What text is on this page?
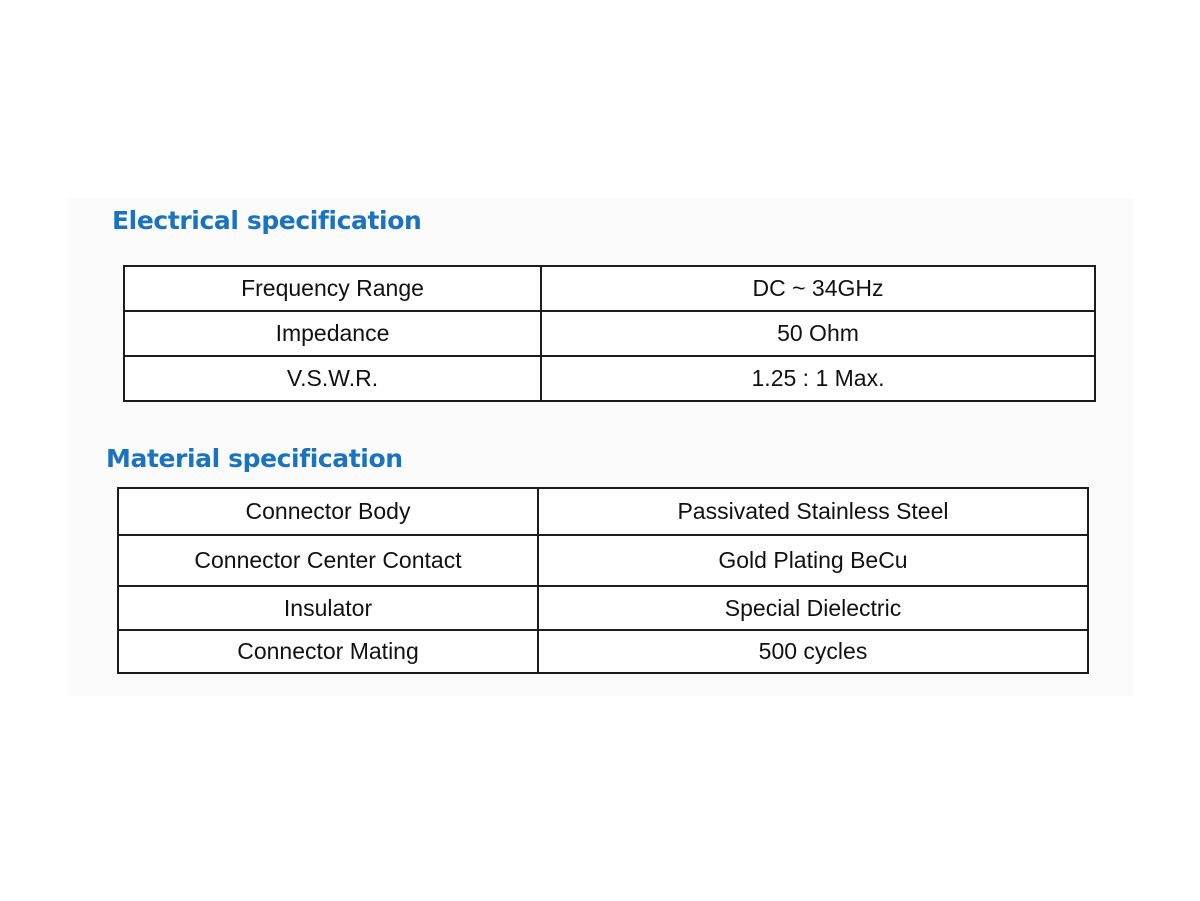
Electrical specification
Frequency Range	DC ~ 34GHz
Impedance	50 Ohm
V.S.W.R.	1.25 : 1 Max.
Material specification
Connector Body	Passivated Stainless Steel
Connector Center Contact	Gold Plating BeCu
Insulator	Special Dielectric
Connector Mating	500 cycles
